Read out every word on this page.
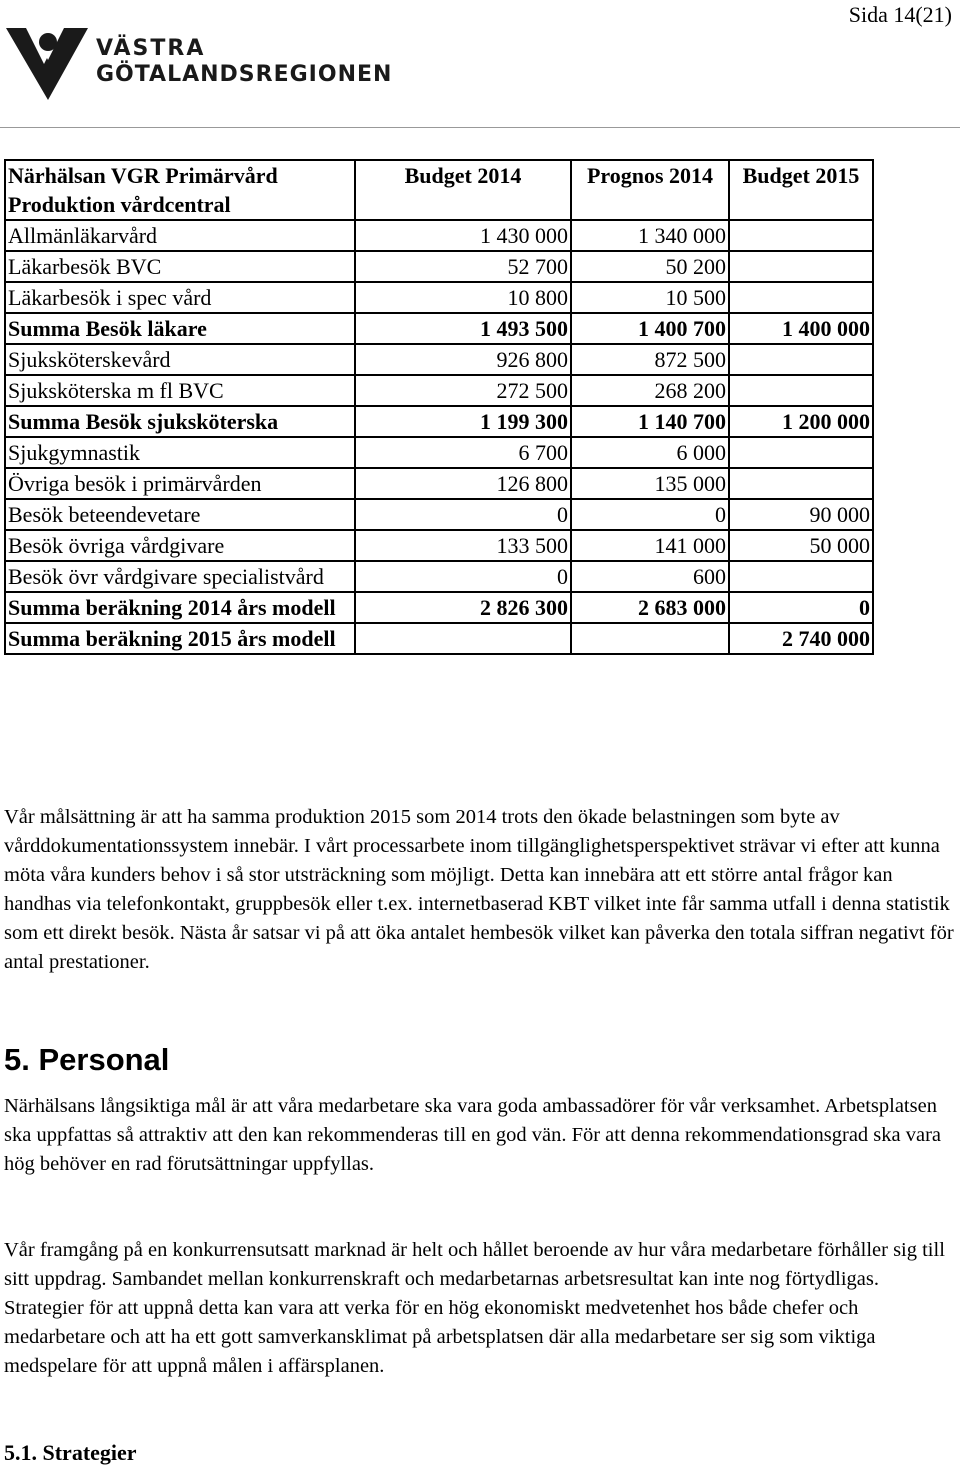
Sida 14(21)
VÄSTRA
GÖTALANDSREGIONEN
Närhälsan VGR Primärvård
Produktion vårdcentral	Budget 2014	Prognos 2014	Budget 2015
Allmänläkarvård	1 430 000	1 340 000	
Läkarbesök BVC	52 700	50 200	
Läkarbesök i spec vård	10 800	10 500	
Summa Besök läkare	1 493 500	1 400 700	1 400 000
Sjuksköterskevård	926 800	872 500	
Sjuksköterska m fl BVC	272 500	268 200	
Summa Besök sjuksköterska	1 199 300	1 140 700	1 200 000
Sjukgymnastik	6 700	6 000	
Övriga besök i primärvården	126 800	135 000	
Besök beteendevetare	0	0	90 000
Besök övriga vårdgivare	133 500	141 000	50 000
Besök övr vårdgivare specialistvård	0	600	
Summa beräkning 2014 års modell	2 826 300	2 683 000	0
Summa beräkning 2015 års modell			2 740 000
Vår målsättning är att ha samma produktion 2015 som 2014 trots den ökade belastningen som byte av vårddokumentationssystem innebär. I vårt processarbete inom tillgänglighetsperspektivet strävar vi efter att kunna möta våra kunders behov i så stor utsträckning som möjligt. Detta kan innebära att ett större antal frågor kan handhas via telefonkontakt, gruppbesök eller t.ex. internetbaserad KBT vilket inte får samma utfall i denna statistik som ett direkt besök. Nästa år satsar vi på att öka antalet hembesök vilket kan påverka den totala siffran negativt för antal prestationer.
5. Personal
Närhälsans långsiktiga mål är att våra medarbetare ska vara goda ambassadörer för vår verksamhet. Arbetsplatsen ska uppfattas så attraktiv att den kan rekommenderas till en god vän. För att denna rekommendationsgrad ska vara hög behöver en rad förutsättningar uppfyllas.
Vår framgång på en konkurrensutsatt marknad är helt och hållet beroende av hur våra medarbetare förhåller sig till sitt uppdrag. Sambandet mellan konkurrenskraft och medarbetarnas arbetsresultat kan inte nog förtydligas. Strategier för att uppnå detta kan vara att verka för en hög ekonomiskt medvetenhet hos både chefer och medarbetare och att ha ett gott samverkansklimat på arbetsplatsen där alla medarbetare ser sig som viktiga medspelare för att uppnå målen i affärsplanen.
5.1. Strategier
